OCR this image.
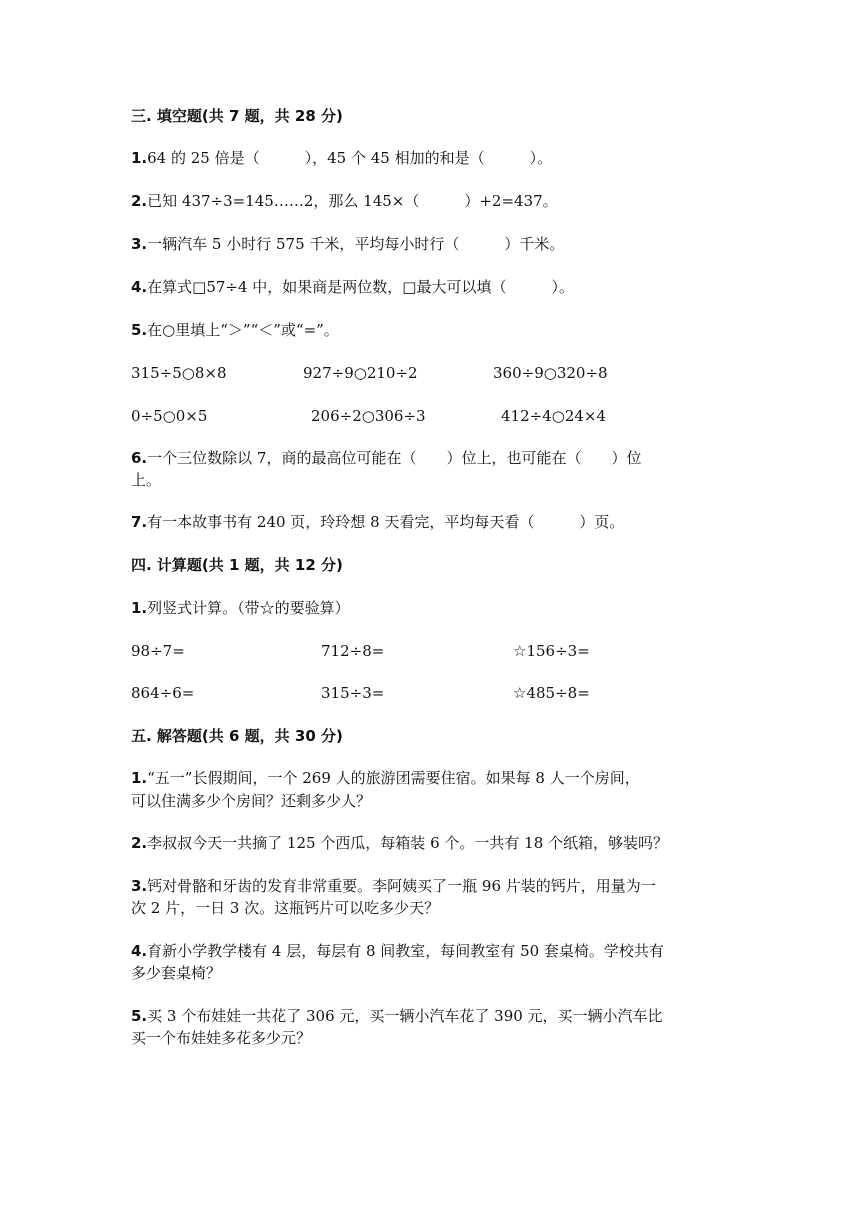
三. 填空题(共 7 题，共 28 分)
1.64 的 25 倍是（　　　），45 个 45 相加的和是（　　　）。
2.已知 437÷3=145……2，那么 145×（　　　）+2=437。
3.一辆汽车 5 小时行 575 千米，平均每小时行（　　　）千米。
4.在算式□57÷4 中，如果商是两位数，□最大可以填（　　　）。
5.在○里填上“＞”“＜”或“=”。
315÷5○8×8	927÷9○210÷2	360÷9○320÷8
0÷5○0×5	206÷2○306÷3	412÷4○24×4
6.一个三位数除以 7，商的最高位可能在（　　）位上，也可能在（　　）位
上。
7.有一本故事书有 240 页，玲玲想 8 天看完，平均每天看（　　　）页。
四. 计算题(共 1 题，共 12 分)
1.列竖式计算。（带☆的要验算）
98÷7=	712÷8=	☆156÷3=
864÷6=	315÷3=	☆485÷8=
五. 解答题(共 6 题，共 30 分)
1.“五一”长假期间，一个 269 人的旅游团需要住宿。如果每 8 人一个房间，
可以住满多少个房间？还剩多少人？
2.李叔叔今天一共摘了 125 个西瓜，每箱装 6 个。一共有 18 个纸箱，够装吗？
3.钙对骨骼和牙齿的发育非常重要。李阿姨买了一瓶 96 片装的钙片，用量为一
次 2 片，一日 3 次。这瓶钙片可以吃多少天？
4.育新小学教学楼有 4 层，每层有 8 间教室，每间教室有 50 套桌椅。学校共有
多少套桌椅？
5.买 3 个布娃娃一共花了 306 元，买一辆小汽车花了 390 元，买一辆小汽车比
买一个布娃娃多花多少元？
